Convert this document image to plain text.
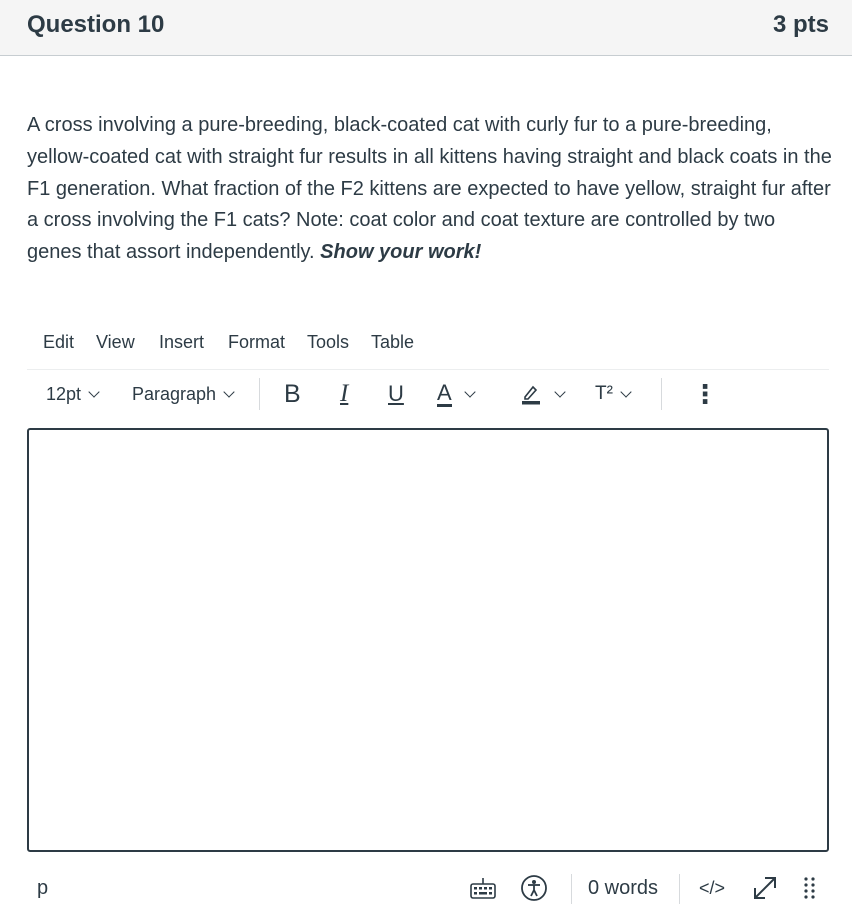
Question 10	3 pts
A cross involving a pure-breeding, black-coated cat with curly fur to a pure-breeding, yellow-coated cat with straight fur results in all kittens having straight and black coats in the F1 generation. What fraction of the F2 kittens are expected to have yellow, straight fur after a cross involving the F1 cats? Note: coat color and coat texture are controlled by two genes that assort independently. Show your work!
Edit View Insert Format Tools Table
12pt	Paragraph	B I U A	T²	⋮
p	0 words </>
